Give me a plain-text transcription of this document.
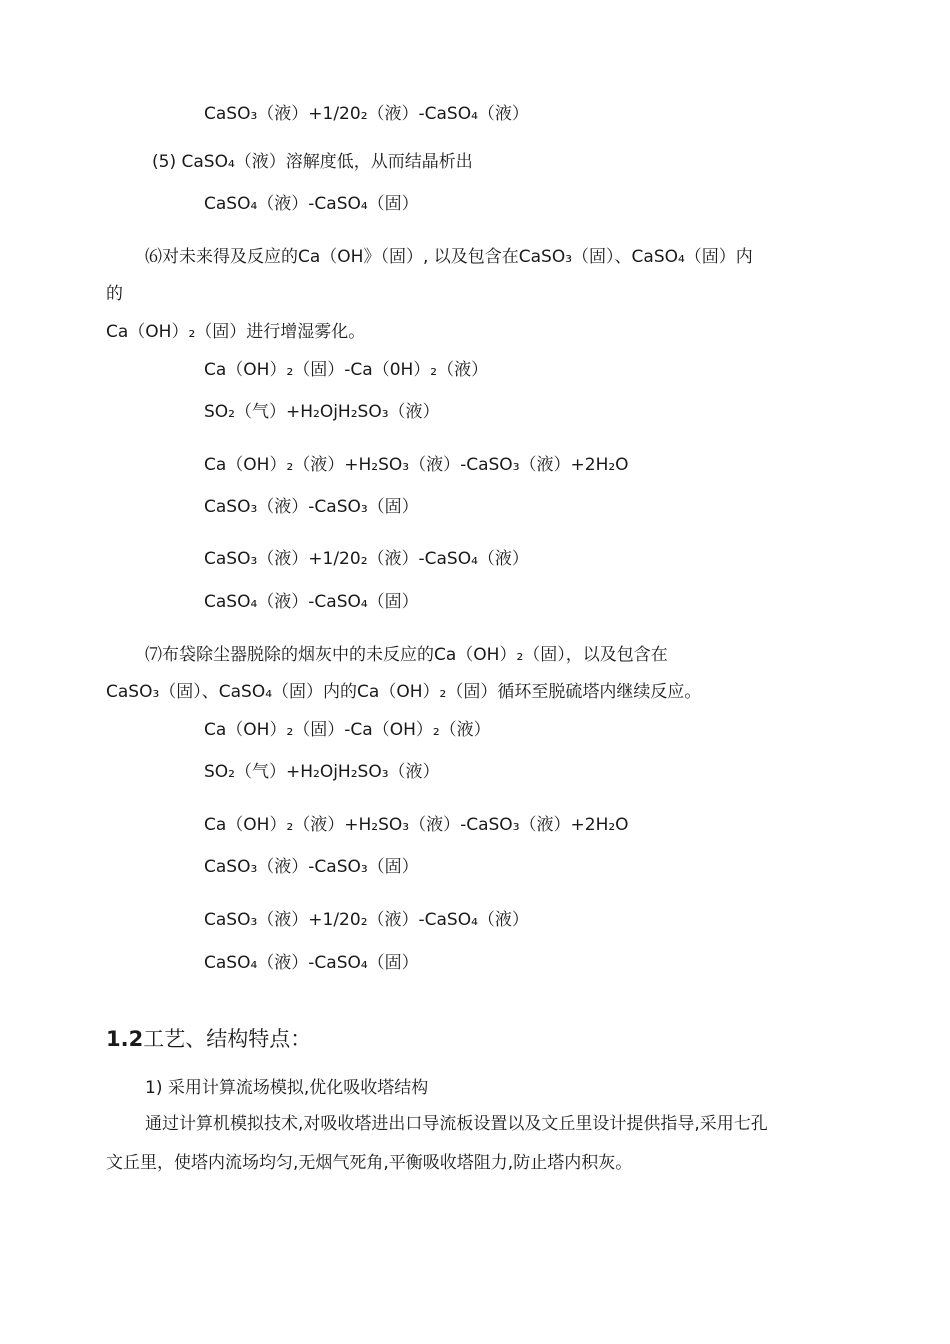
CaSO₃（液）+1/20₂（液）-CaSO₄（液）
(5) CaSO₄（液）溶解度低，从而结晶析出
CaSO₄（液）-CaSO₄（固）
⑹对未来得及反应的Ca（OH》（固）, 以及包含在CaSO₃（固）、CaSO₄（固）内
的
Ca（OH）₂（固）进行增湿雾化。
Ca（OH）₂（固）-Ca（0H）₂（液）
SO₂（气）+H₂OjH₂SO₃（液）
Ca（OH）₂（液）+H₂SO₃（液）-CaSO₃（液）+2H₂O
CaSO₃（液）-CaSO₃（固）
CaSO₃（液）+1/20₂（液）-CaSO₄（液）
CaSO₄（液）-CaSO₄（固）
⑺布袋除尘器脱除的烟灰中的未反应的Ca（OH）₂（固），以及包含在
CaSO₃（固）、CaSO₄（固）内的Ca（OH）₂（固）循环至脱硫塔内继续反应。
Ca（OH）₂（固）-Ca（OH）₂（液）
SO₂（气）+H₂OjH₂SO₃（液）
Ca（OH）₂（液）+H₂SO₃（液）-CaSO₃（液）+2H₂O
CaSO₃（液）-CaSO₃（固）
CaSO₃（液）+1/20₂（液）-CaSO₄（液）
CaSO₄（液）-CaSO₄（固）
1.2工艺、结构特点：
1) 采用计算流场模拟,优化吸收塔结构
通过计算机模拟技术,对吸收塔进出口导流板设置以及文丘里设计提供指导,采用七孔
文丘里，使塔内流场均匀,无烟气死角,平衡吸收塔阻力,防止塔内积灰。
